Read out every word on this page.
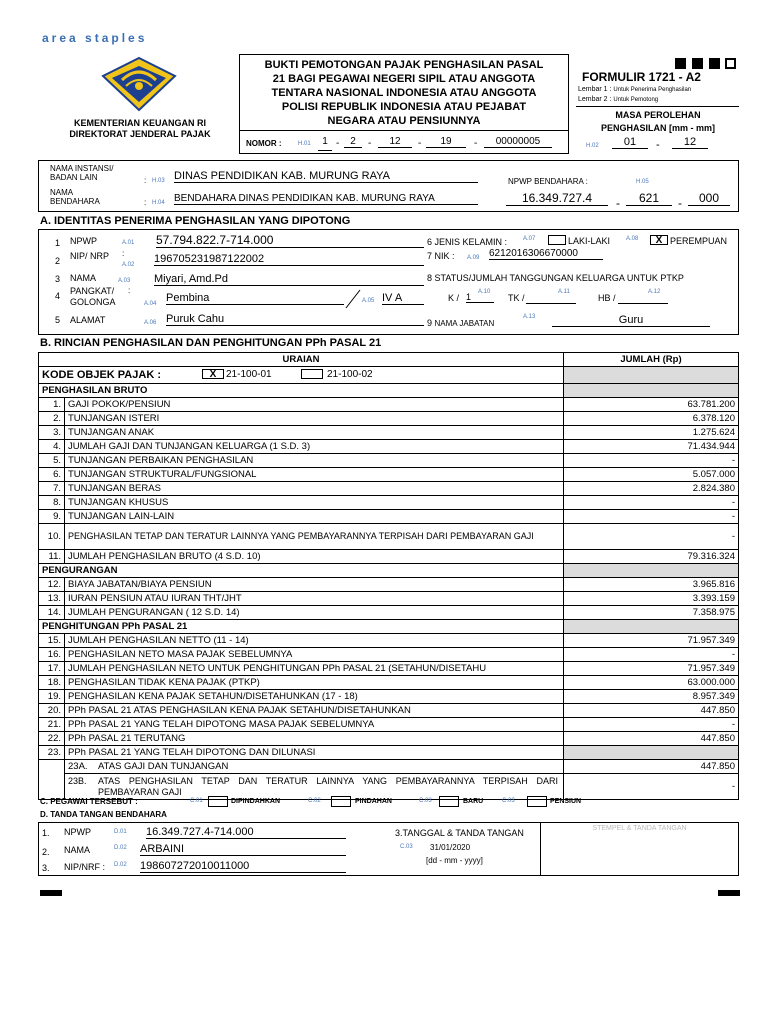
area staples
KEMENTERIAN KEUANGAN RI
DIREKTORAT JENDERAL PAJAK
BUKTI PEMOTONGAN PAJAK PENGHASILAN PASAL
21 BAGI PEGAWAI NEGERI SIPIL ATAU ANGGOTA
TENTARA NASIONAL INDONESIA ATAU ANGGOTA
POLISI REPUBLIK INDONESIA ATAU PEJABAT
NEGARA ATAU PENSIUNNYA
NOMOR :	H.01	1 -	2	-	12	-	19	-	00000005
FORMULIR 1721 - A2
Lembar 1 : Untuk Penerima Penghasilan
Lembar 2 : Untuk Pemotong
MASA PEROLEHAN
PENGHASILAN [mm - mm]
H.02	01	-	12
NAMA INSTANSI/ BADAN LAIN	: H.03 DINAS PENDIDIKAN KAB. MURUNG RAYA
NAMA BENDAHARA	: H.04 BENDAHARA DINAS PENDIDIKAN KAB. MURUNG RAYA
NPWP BENDAHARA :	H.05
16.349.727.4	-	621	-	000
A. IDENTITAS PENERIMA PENGHASILAN YANG DIPOTONG
1 NPWP	A.01 57.794.822.7-714.000
2 NIP/ NRP :
A.02 196705231987122002
3 NAMA	A.03 Miyari, Amd.Pd
4 PANGKAT/
GOLONGA
:
A.04 Pembina	A.05 IV A
5 ALAMAT	A.06 Puruk Cahu
6 JENIS KELAMIN :	A.07	LAKI-LAKI	A.08	X PEREMPUAN
7 NIK : A.09 6212016306670000
8 STATUS/JUMLAH TANGGUNGAN KELUARGA UNTUK PTKP
K / 1	A.10
TK /
A.11
HB /
A.12
9 NAMA JABATAN
A.13	Guru
B. RINCIAN PENGHASILAN DAN PENGHITUNGAN PPh PASAL 21
URAIAN		JUMLAH (Rp)
KODE OBJEK PAJAK : X 21-100-01 21-100-02		

PENGHASILAN BRUTO		
1.	GAJI POKOK/PENSIUN	63.781.200
2.	TUNJANGAN ISTERI	6.378.120
3.	TUNJANGAN ANAK	1.275.624
4.	JUMLAH GAJI DAN TUNJANGAN KELUARGA (1 S.D. 3)	71.434.944
5.	TUNJANGAN PERBAIKAN PENGHASILAN	-
6.	TUNJANGAN STRUKTURAL/FUNGSIONAL	5.057.000
7.	TUNJANGAN BERAS	2.824.380
8.	TUNJANGAN KHUSUS	-
9.	TUNJANGAN LAIN-LAIN	-
10.	PENGHASILAN TETAP DAN TERATUR LAINNYA YANG PEMBAYARANNYA TERPISAH DARI PEMBAYARAN GAJI	-
11.	JUMLAH PENGHASILAN BRUTO (4 S.D. 10)	79.316.324
PENGURANGAN		
12.	BIAYA JABATAN/BIAYA PENSIUN	3.965.816
13.	IURAN PENSIUN ATAU IURAN THT/JHT	3.393.159
14.	JUMLAH PENGURANGAN ( 12 S.D. 14)	7.358.975
PENGHITUNGAN PPh PASAL 21		
15.	JUMLAH PENGHASILAN NETTO (11 - 14)	71.957.349
16.	PENGHASILAN NETO MASA PAJAK SEBELUMNYA	-
17.	JUMLAH PENGHASILAN NETO UNTUK PENGHITUNGAN PPh PASAL 21 (SETAHUN/DISETAHU	71.957.349
18.	PENGHASILAN TIDAK KENA PAJAK (PTKP)	63.000.000
19.	PENGHASILAN KENA PAJAK SETAHUN/DISETAHUNKAN (17 - 18)	8.957.349
20.	PPh PASAL 21 ATAS PENGHASILAN KENA PAJAK SETAHUN/DISETAHUNKAN	447.850
21.	PPh PASAL 21 YANG TELAH DIPOTONG MASA PAJAK SEBELUMNYA	-
22.	PPh PASAL 21 TERUTANG	447.850
23.	PPh PASAL 21 YANG TELAH DIPOTONG DAN DILUNASI	
	23A. ATAS GAJI DAN TUNJANGAN	447.850
	23B. ATAS PENGHASILAN TETAP DAN TERATUR LAINNYA YANG PEMBAYARANNYA TERPISAH DARI PEMBAYARAN GAJI	-
C. PEGAWAI TERSEBUT :	C.01	DIPINDAHKAN	C.02	PINDAHAN	C.03	BARU	C.03	PENSIUN
D. TANDA TANGAN BENDAHARA
1. NPWP	D.01 16.349.727.4-714.000
2. NAMA	D.02 ARBAINI
3. NIP/NRF : D.02 198607272010011000
3.TANGGAL & TANDA TANGAN
C.03 31/01/2020
[dd - mm - yyyy]
STEMPEL & TANDA TANGAN
